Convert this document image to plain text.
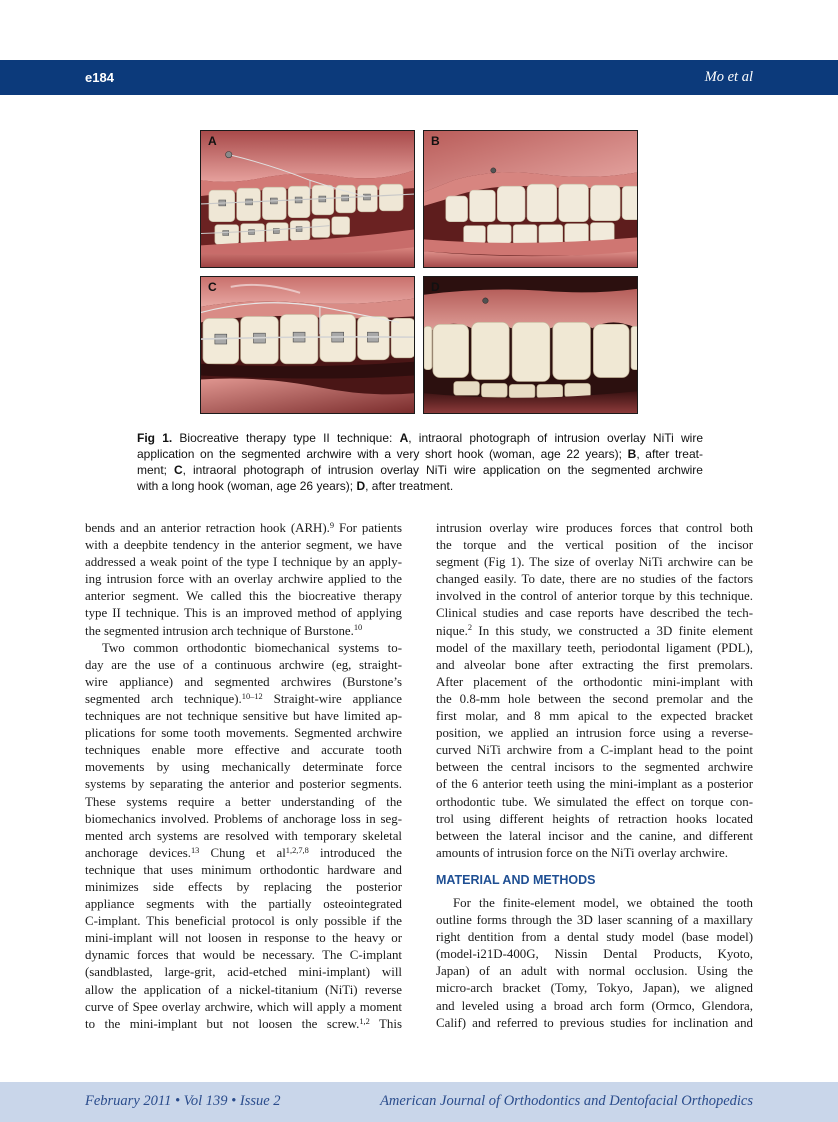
e184	Mo et al
A	B
C	D
Fig 1. Biocreative therapy type II technique: A, intraoral photograph of intrusion overlay NiTi wire
application on the segmented archwire with a very short hook (woman, age 22 years); B, after treat-
ment; C, intraoral photograph of intrusion overlay NiTi wire application on the segmented archwire
with a long hook (woman, age 26 years); D, after treatment.
bends and an anterior retraction hook (ARH).$^9$ For patients
with a deepbite tendency in the anterior segment, we have
addressed a weak point of the type I technique by an apply-
ing intrusion force with an overlay archwire applied to the
anterior segment. We called this the biocreative therapy
type II technique. This is an improved method of applying
the segmented intrusion arch technique of Burstone.$^{10}$
Two common orthodontic biomechanical systems to-
day are the use of a continuous archwire (eg, straight-
wire appliance) and segmented archwires (Burstone’s
segmented arch technique).$^{10-12}$ Straight-wire appliance
techniques are not technique sensitive but have limited ap-
plications for some tooth movements. Segmented archwire
techniques enable more effective and accurate tooth
movements by using mechanically determinate force
systems by separating the anterior and posterior segments.
These systems require a better understanding of the
biomechanics involved. Problems of anchorage loss in seg-
mented arch systems are resolved with temporary skeletal
anchorage devices.$^{13}$ Chung et al$^{1,2,7,8}$ introduced the
technique that uses minimum orthodontic hardware and
minimizes side effects by replacing the posterior
appliance segments with the partially osteointegrated
C-implant. This beneficial protocol is only possible if the
mini-implant will not loosen in response to the heavy or
dynamic forces that would be necessary. The C-implant
(sandblasted, large-grit, acid-etched mini-implant) will
allow the application of a nickel-titanium (NiTi) reverse
curve of Spee overlay archwire, which will apply a moment
to the mini-implant but not loosen the screw.$^{1,2}$ This
intrusion overlay wire produces forces that control both
the torque and the vertical position of the incisor
segment (Fig 1). The size of overlay NiTi archwire can be
changed easily. To date, there are no studies of the factors
involved in the control of anterior torque by this technique.
Clinical studies and case reports have described the tech-
nique.$^2$ In this study, we constructed a 3D finite element
model of the maxillary teeth, periodontal ligament (PDL),
and alveolar bone after extracting the first premolars.
After placement of the orthodontic mini-implant with
the 0.8-mm hole between the second premolar and the
first molar, and 8 mm apical to the expected bracket
position, we applied an intrusion force using a reverse-
curved NiTi archwire from a C-implant head to the point
between the central incisors to the segmented archwire
of the 6 anterior teeth using the mini-implant as a posterior
orthodontic tube. We simulated the effect on torque con-
trol using different heights of retraction hooks located
between the lateral incisor and the canine, and different
amounts of intrusion force on the NiTi overlay archwire.
MATERIAL AND METHODS
For the finite-element model, we obtained the tooth
outline forms through the 3D laser scanning of a maxillary
right dentition from a dental study model (base model)
(model-i21D-400G, Nissin Dental Products, Kyoto,
Japan) of an adult with normal occlusion. Using the
micro-arch bracket (Tomy, Tokyo, Japan), we aligned
and leveled using a broad arch form (Ormco, Glendora,
Calif) and referred to previous studies for inclination and
February 2011 • Vol 139 • Issue 2	American Journal of Orthodontics and Dentofacial Orthopedics
